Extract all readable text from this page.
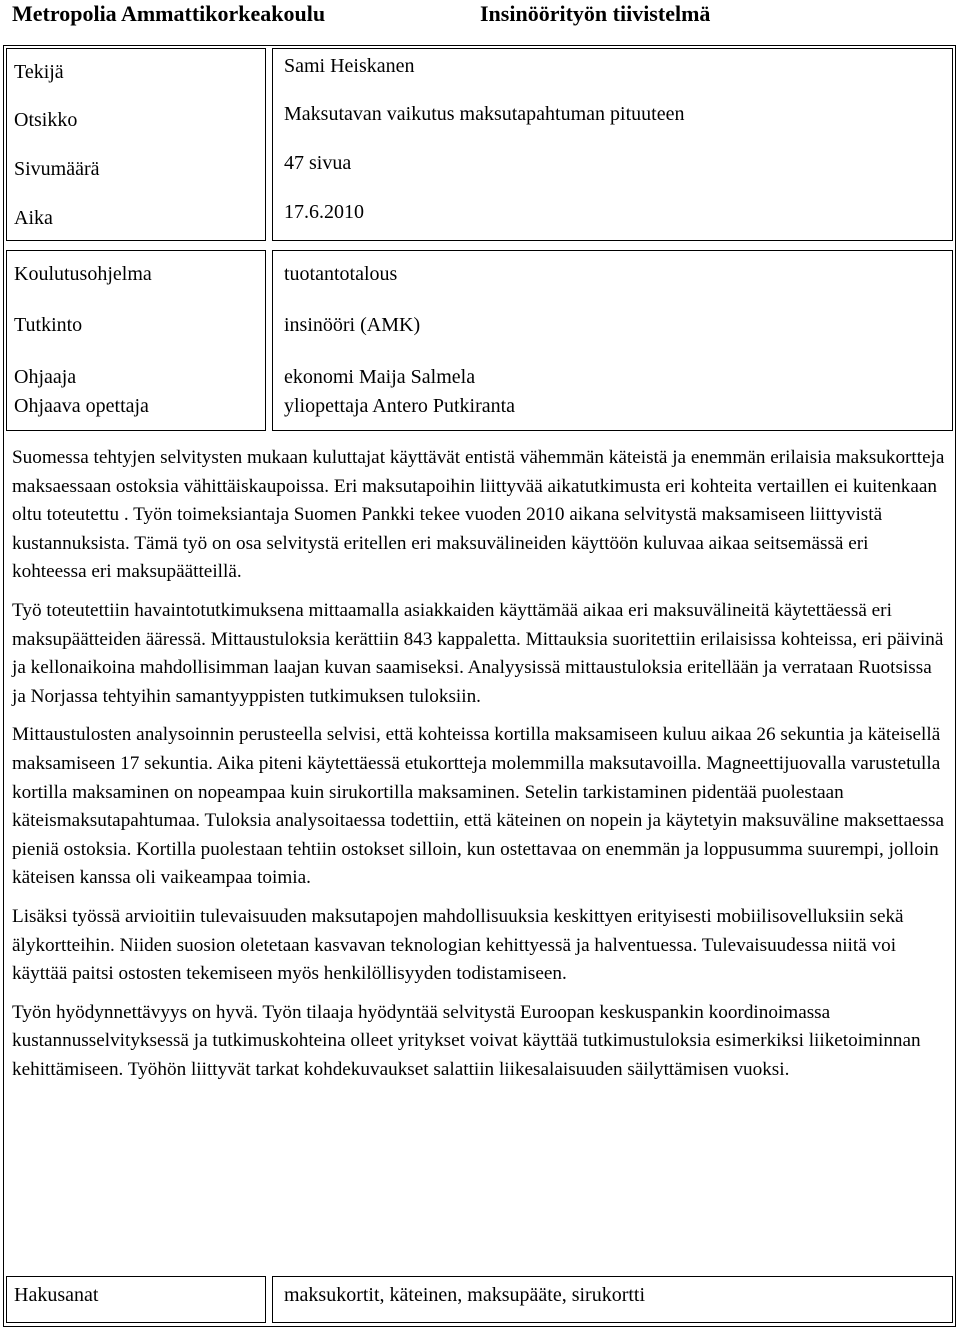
Metropolia Ammattikorkeakoulu	Insinöörityön tiivistelmä
Tekijä	Sami Heiskanen
Otsikko	Maksutavan vaikutus maksutapahtuman pituuteen
Sivumäärä	47 sivua
Aika	17.6.2010
Koulutusohjelma	tuotantotalous
Tutkinto	insinööri (AMK)
Ohjaaja	ekonomi Maija Salmela
Ohjaava opettaja	yliopettaja Antero Putkiranta

Suomessa tehtyjen selvitysten mukaan kuluttajat käyttävät entistä vähemmän käteistä ja enemmän erilaisia maksukortteja maksaessaan ostoksia vähittäiskaupoissa. Eri maksutapoihin liittyvää aikatutkimusta eri kohteita vertaillen ei kuitenkaan oltu toteutettu . Työn toimeksiantaja Suomen Pankki tekee vuoden 2010 aikana selvitystä maksamiseen liittyvistä kustannuksista. Tämä työ on osa selvitystä eritellen eri maksuvälineiden käyttöön kuluvaa aikaa seitsemässä eri kohteessa eri maksupäätteillä.

Työ toteutettiin havaintotutkimuksena mittaamalla asiakkaiden käyttämää aikaa eri maksuvälineitä käytettäessä eri maksupäätteiden ääressä. Mittaustuloksia kerättiin 843 kappaletta. Mittauksia suoritettiin erilaisissa kohteissa, eri päivinä ja kellonaikoina mahdollisimman laajan kuvan saamiseksi. Analyysissä mittaustuloksia eritellään ja verrataan Ruotsissa ja Norjassa tehtyihin samantyyppisten tutkimuksen tuloksiin.

Mittaustulosten analysoinnin perusteella selvisi, että kohteissa kortilla maksamiseen kuluu aikaa 26 sekuntia ja käteisellä maksamiseen 17 sekuntia. Aika piteni käytettäessä etukortteja molemmilla maksutavoilla. Magneettijuovalla varustetulla kortilla maksaminen on nopeampaa kuin sirukortilla maksaminen. Setelin tarkistaminen pidentää puolestaan käteismaksutapahtumaa. Tuloksia analysoitaessa todettiin, että käteinen on nopein ja käytetyin maksuväline maksettaessa pieniä ostoksia. Kortilla puolestaan tehtiin ostokset silloin, kun ostettavaa on enemmän ja loppusumma suurempi, jolloin käteisen kanssa oli vaikeampaa toimia.

Lisäksi työssä arvioitiin tulevaisuuden maksutapojen mahdollisuuksia keskittyen erityisesti mobiilisovelluksiin sekä älykortteihin. Niiden suosion oletetaan kasvavan teknologian kehittyessä ja halventuessa. Tulevaisuudessa niitä voi käyttää paitsi ostosten tekemiseen myös henkilöllisyyden todistamiseen.

Työn hyödynnettävyys on hyvä. Työn tilaaja hyödyntää selvitystä Euroopan keskuspankin koordinoimassa kustannusselvityksessä ja tutkimuskohteina olleet yritykset voivat käyttää tutkimustuloksia esimerkiksi liiketoiminnan kehittämiseen. Työhön liittyvät tarkat kohdekuvaukset salattiin liikesalaisuuden säilyttämisen vuoksi.

Hakusanat	maksukortit, käteinen, maksupääte, sirukortti
